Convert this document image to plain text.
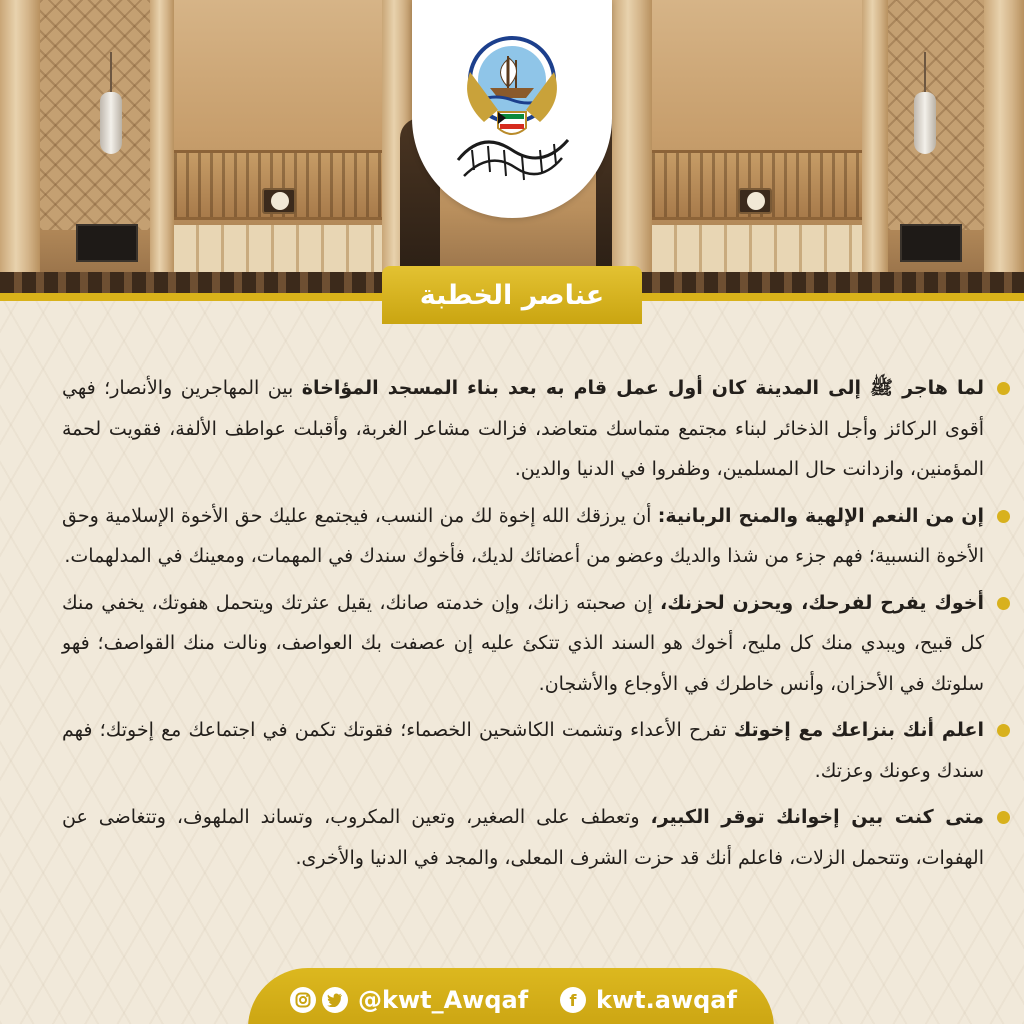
عناصر الخطبة

لما هاجر ﷺ إلى المدينة كان أول عمل قام به بعد بناء المسجد المؤاخاة بين المهاجرين والأنصار؛ فهي أقوى الركائز وأجل الذخائر لبناء مجتمع متماسك متعاضد، فزالت مشاعر الغربة، وأقبلت عواطف الألفة، فقويت لحمة المؤمنين، وازدانت حال المسلمين، وظفروا في الدنيا والدين.

إن من النعم الإلهية والمنح الربانية: أن يرزقك الله إخوة لك من النسب، فيجتمع عليك حق الأخوة الإسلامية وحق الأخوة النسبية؛ فهم جزء من شذا والديك وعضو من أعضائك لديك، فأخوك سندك في المهمات، ومعينك في المدلهمات.

أخوك يفرح لفرحك، ويحزن لحزنك، إن صحبته زانك، وإن خدمته صانك، يقيل عثرتك ويتحمل هفوتك، يخفي منك كل قبيح، ويبدي منك كل مليح، أخوك هو السند الذي تتكئ عليه إن عصفت بك العواصف، ونالت منك القواصف؛ فهو سلوتك في الأحزان، وأنس خاطرك في الأوجاع والأشجان.

اعلم أنك بنزاعك مع إخوتك تفرح الأعداء وتشمت الكاشحين الخصماء؛ فقوتك تكمن في اجتماعك مع إخوتك؛ فهم سندك وعونك وعزتك.

متى كنت بين إخوانك توقر الكبير، وتعطف على الصغير، وتعين المكروب، وتساند الملهوف، وتتغاضى عن الهفوات، وتتحمل الزلات، فاعلم أنك قد حزت الشرف المعلى، والمجد في الدنيا والأخرى.

@kwt_Awqaf	f kwt.awqaf
